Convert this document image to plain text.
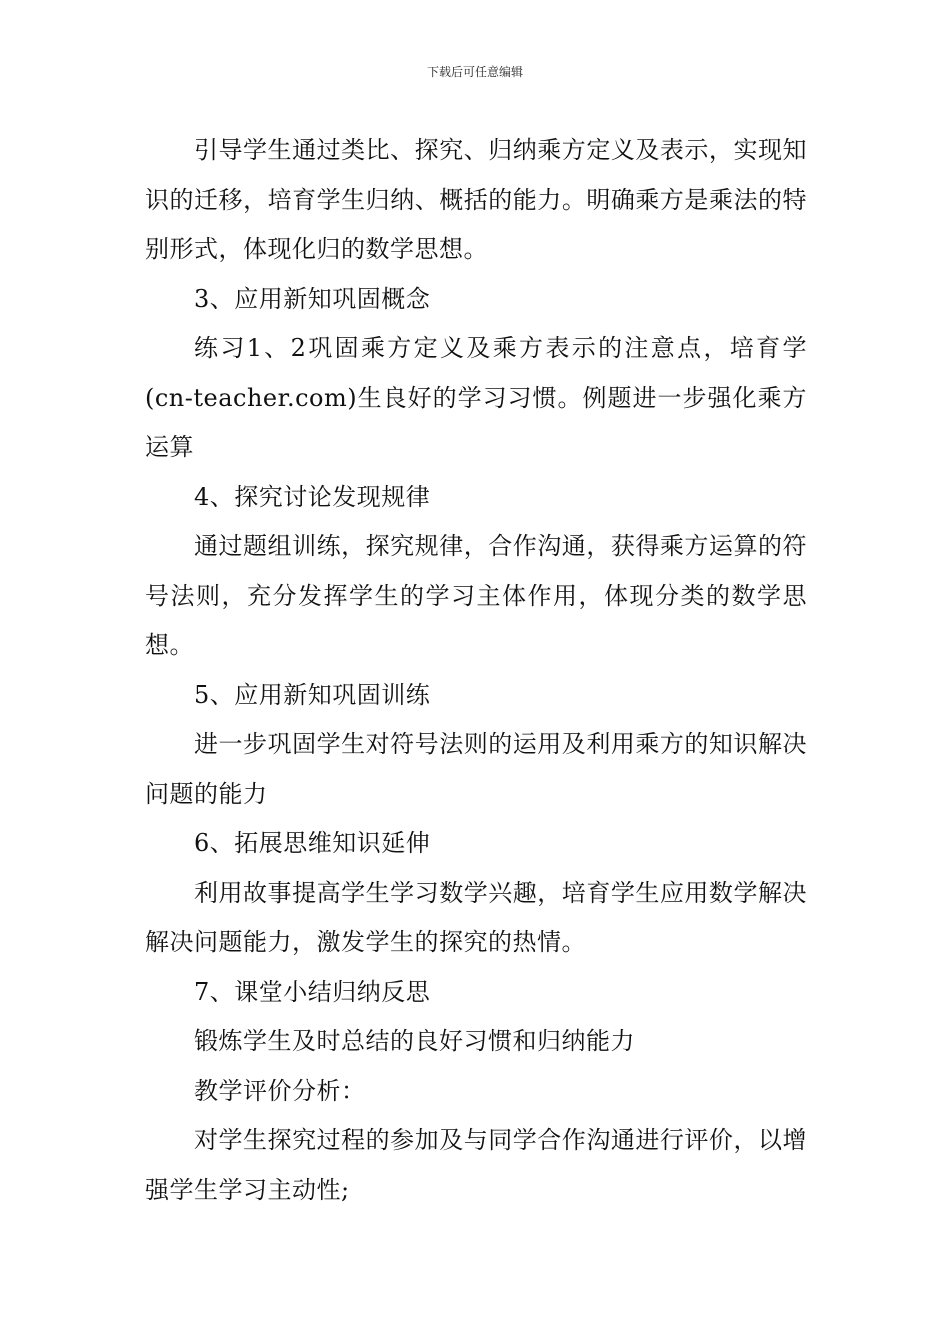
下载后可任意编辑

引导学生通过类比、探究、归纳乘方定义及表示，实现知识的迁移，培育学生归纳、概括的能力。明确乘方是乘法的特别形式，体现化归的数学思想。

3、应用新知巩固概念

练习1、2巩固乘方定义及乘方表示的注意点，培育学(cn-teacher.com)生良好的学习习惯。例题进一步强化乘方运算

4、探究讨论发现规律

通过题组训练，探究规律，合作沟通，获得乘方运算的符号法则，充分发挥学生的学习主体作用，体现分类的数学思想。

5、应用新知巩固训练

进一步巩固学生对符号法则的运用及利用乘方的知识解决问题的能力

6、拓展思维知识延伸

利用故事提高学生学习数学兴趣，培育学生应用数学解决解决问题能力，激发学生的探究的热情。

7、课堂小结归纳反思

锻炼学生及时总结的良好习惯和归纳能力

教学评价分析：

对学生探究过程的参加及与同学合作沟通进行评价，以增强学生学习主动性;
